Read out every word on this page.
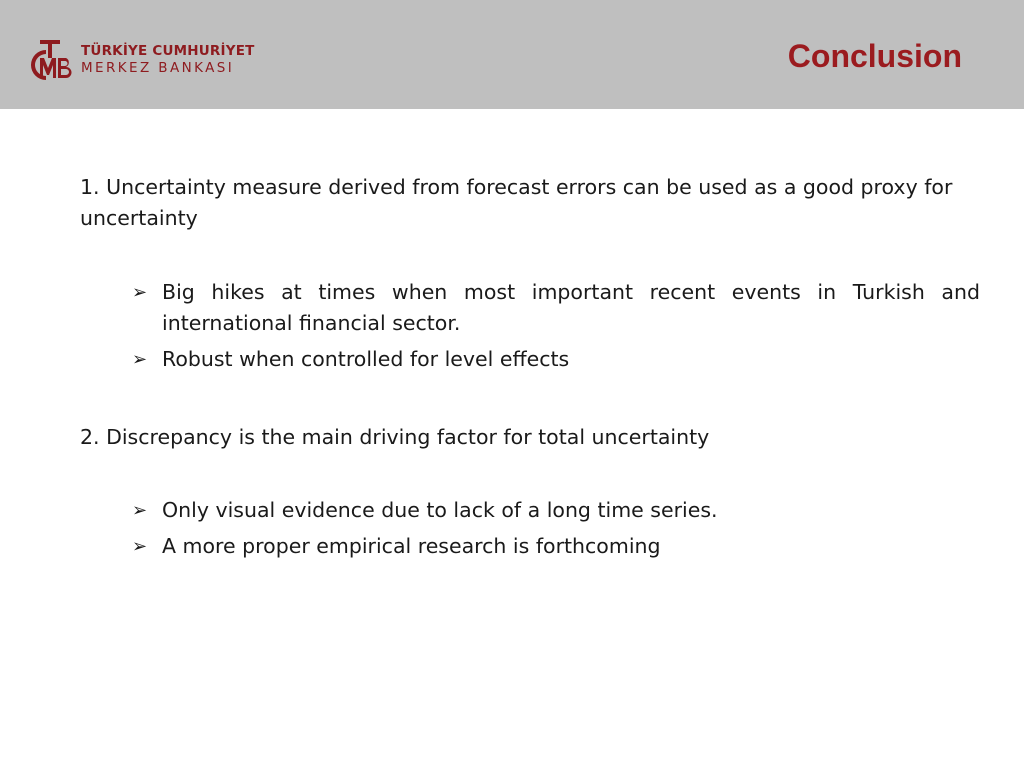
TÜRKİYE CUMHURİYET
MERKEZ BANKASI	Conclusion

1. Uncertainty measure derived from forecast errors can be used as a good proxy for uncertainty

➢ Big hikes at times when most important recent events in Turkish and international financial sector.
➢ Robust when controlled for level effects

2. Discrepancy is the main driving factor for total uncertainty

➢ Only visual evidence due to lack of a long time series.
➢ A more proper empirical research is forthcoming
